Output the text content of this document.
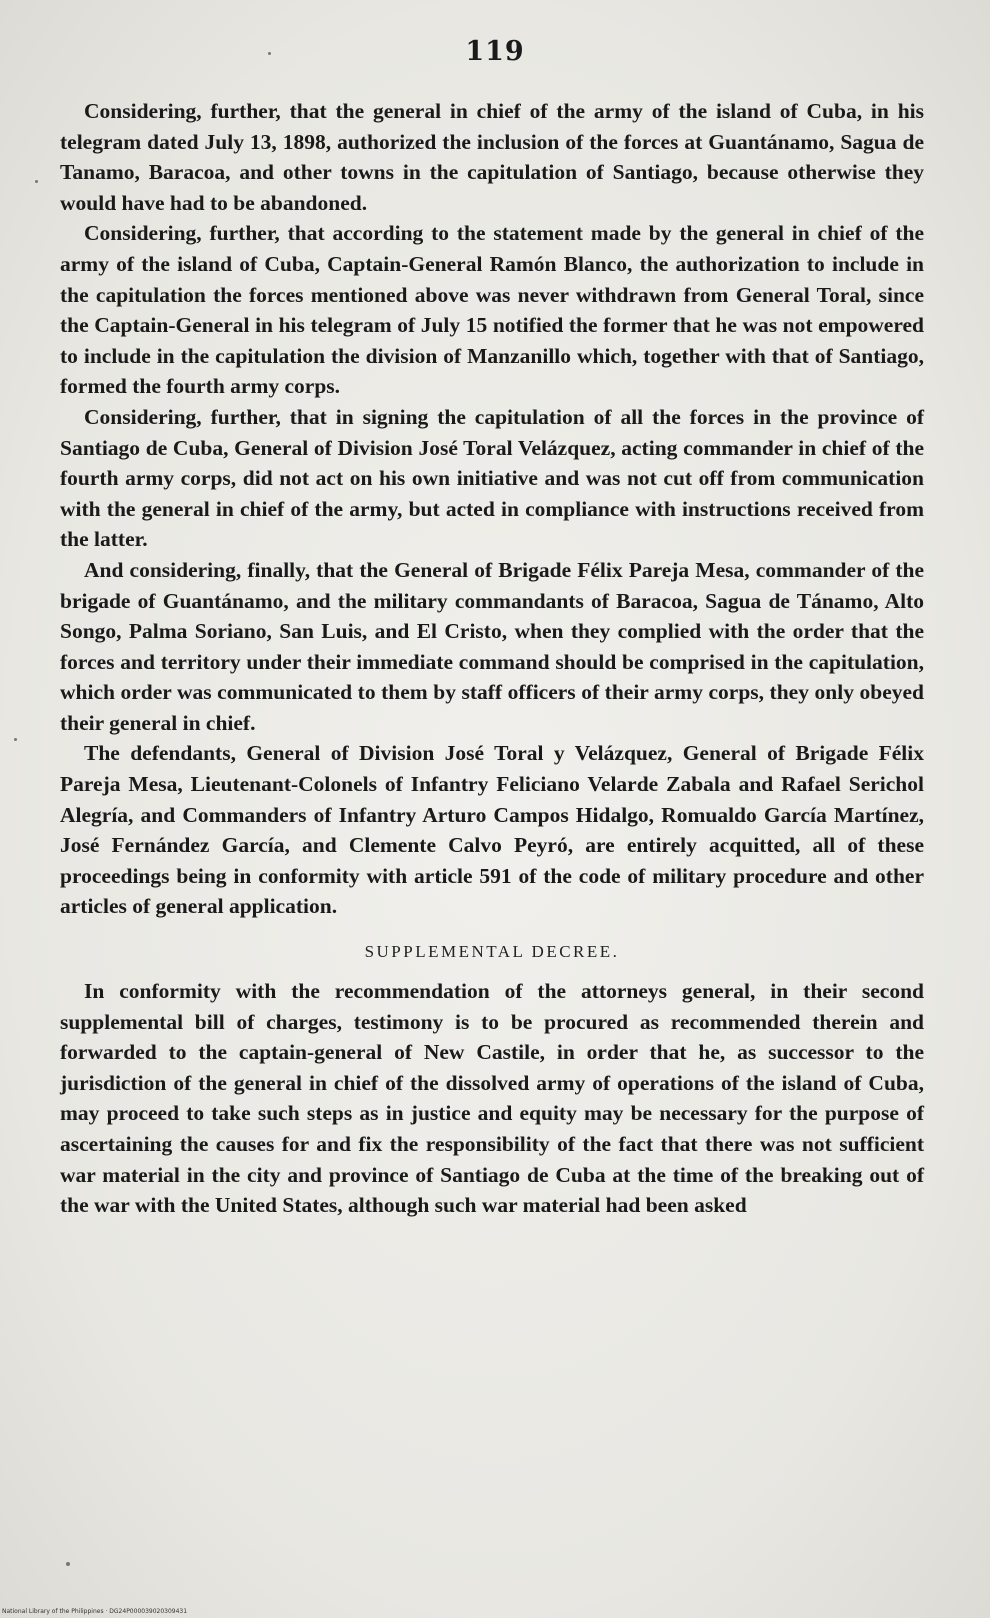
119

Considering, further, that the general in chief of the army of the island of Cuba, in his telegram dated July 13, 1898, authorized the inclusion of the forces at Guantánamo, Sagua de Tanamo, Baracoa, and other towns in the capitulation of Santiago, because otherwise they would have had to be abandoned.

Considering, further, that according to the statement made by the general in chief of the army of the island of Cuba, Captain-General Ramón Blanco, the authorization to include in the capitulation the forces mentioned above was never withdrawn from General Toral, since the Captain-General in his telegram of July 15 notified the former that he was not empowered to include in the capitulation the division of Manzanillo which, together with that of Santiago, formed the fourth army corps.

Considering, further, that in signing the capitulation of all the forces in the province of Santiago de Cuba, General of Division José Toral Velázquez, acting commander in chief of the fourth army corps, did not act on his own initiative and was not cut off from communication with the general in chief of the army, but acted in compliance with instructions received from the latter.

And considering, finally, that the General of Brigade Félix Pareja Mesa, commander of the brigade of Guantánamo, and the military commandants of Baracoa, Sagua de Tánamo, Alto Songo, Palma Soriano, San Luis, and El Cristo, when they complied with the order that the forces and territory under their immediate command should be comprised in the capitulation, which order was communicated to them by staff officers of their army corps, they only obeyed their general in chief.

The defendants, General of Division José Toral y Velázquez, General of Brigade Félix Pareja Mesa, Lieutenant-Colonels of Infantry Feliciano Velarde Zabala and Rafael Serichol Alegría, and Commanders of Infantry Arturo Campos Hidalgo, Romualdo García Martínez, José Fernández García, and Clemente Calvo Peyró, are entirely acquitted, all of these proceedings being in conformity with article 591 of the code of military procedure and other articles of general application.

SUPPLEMENTAL DECREE.

In conformity with the recommendation of the attorneys general, in their second supplemental bill of charges, testimony is to be procured as recommended therein and forwarded to the captain-general of New Castile, in order that he, as successor to the jurisdiction of the general in chief of the dissolved army of operations of the island of Cuba, may proceed to take such steps as in justice and equity may be necessary for the purpose of ascertaining the causes for and fix the responsibility of the fact that there was not sufficient war material in the city and province of Santiago de Cuba at the time of the breaking out of the war with the United States, although such war material had been asked

National Library of the Philippines · DG24P000039020309431
